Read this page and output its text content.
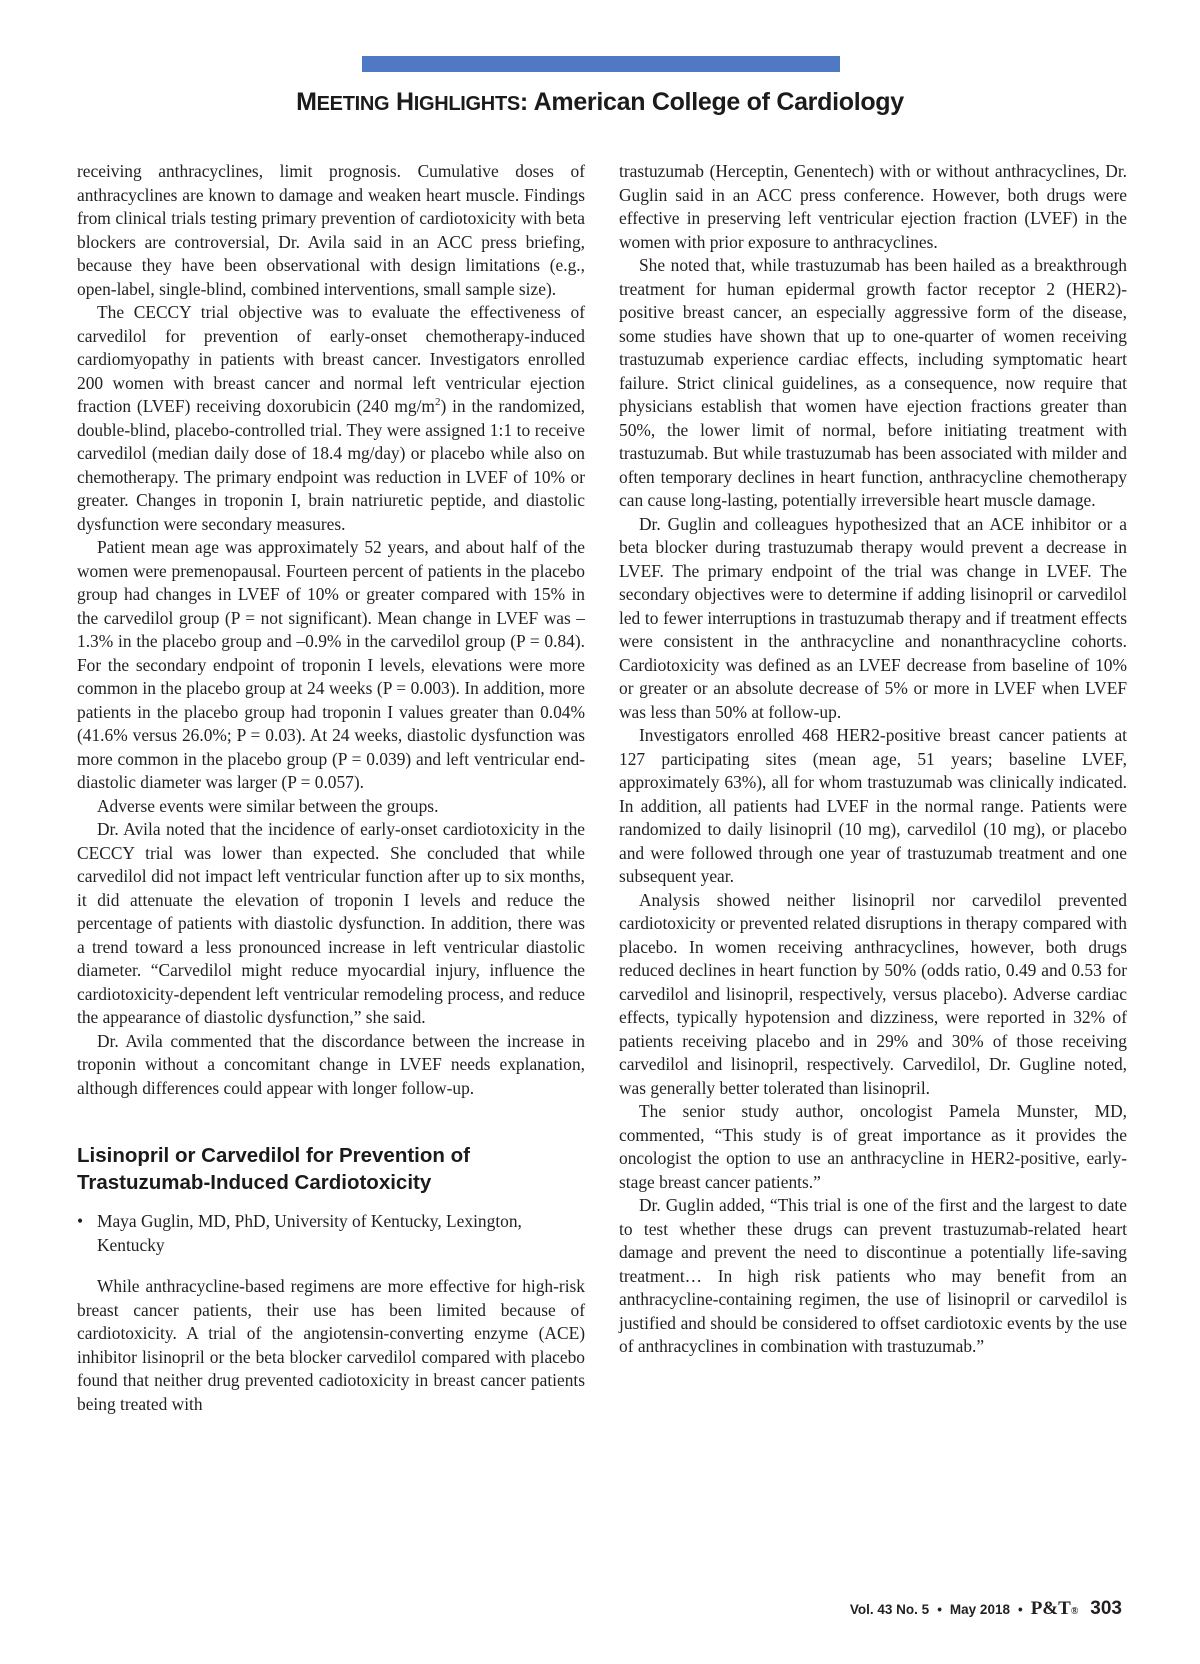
MEETING HIGHLIGHTS: American College of Cardiology

receiving anthracyclines, limit prognosis. Cumulative doses of anthracyclines are known to damage and weaken heart muscle. Findings from clinical trials testing primary prevention of cardiotoxicity with beta blockers are controversial, Dr. Avila said in an ACC press briefing, because they have been observational with design limitations (e.g., open-label, single-blind, combined interventions, small sample size).

The CECCY trial objective was to evaluate the effectiveness of carvedilol for prevention of early-onset chemotherapy-induced cardiomyopathy in patients with breast cancer. Investigators enrolled 200 women with breast cancer and normal left ventricular ejection fraction (LVEF) receiving doxorubicin (240 $mg/m^2$) in the randomized, double-blind, placebo-controlled trial. They were assigned 1:1 to receive carvedilol (median daily dose of 18.4 mg/day) or placebo while also on chemotherapy. The primary endpoint was reduction in LVEF of 10% or greater. Changes in troponin I, brain natriuretic peptide, and diastolic dysfunction were secondary measures.

Patient mean age was approximately 52 years, and about half of the women were premenopausal. Fourteen percent of patients in the placebo group had changes in LVEF of 10% or greater compared with 15% in the carvedilol group (P = not significant). Mean change in LVEF was –1.3% in the placebo group and –0.9% in the carvedilol group (P = 0.84). For the secondary endpoint of troponin I levels, elevations were more common in the placebo group at 24 weeks (P = 0.003). In addition, more patients in the placebo group had troponin I values greater than 0.04% (41.6% versus 26.0%; P = 0.03). At 24 weeks, diastolic dysfunction was more common in the placebo group (P = 0.039) and left ventricular end-diastolic diameter was larger (P = 0.057).

Adverse events were similar between the groups.

Dr. Avila noted that the incidence of early-onset cardiotoxicity in the CECCY trial was lower than expected. She concluded that while carvedilol did not impact left ventricular function after up to six months, it did attenuate the elevation of troponin I levels and reduce the percentage of patients with diastolic dysfunction. In addition, there was a trend toward a less pronounced increase in left ventricular diastolic diameter. “Carvedilol might reduce myocardial injury, influence the cardiotoxicity-dependent left ventricular remodeling process, and reduce the appearance of diastolic dysfunction,” she said.

Dr. Avila commented that the discordance between the increase in troponin without a concomitant change in LVEF needs explanation, although differences could appear with longer follow-up.

Lisinopril or Carvedilol for Prevention of Trastuzumab-Induced Cardiotoxicity
• Maya Guglin, MD, PhD, University of Kentucky, Lexington, Kentucky

While anthracycline-based regimens are more effective for high-risk breast cancer patients, their use has been limited because of cardiotoxicity. A trial of the angiotensin-converting enzyme (ACE) inhibitor lisinopril or the beta blocker carvedilol compared with placebo found that neither drug prevented cadiotoxicity in breast cancer patients being treated with

trastuzumab (Herceptin, Genentech) with or without anthracyclines, Dr. Guglin said in an ACC press conference. However, both drugs were effective in preserving left ventricular ejection fraction (LVEF) in the women with prior exposure to anthracyclines.

She noted that, while trastuzumab has been hailed as a breakthrough treatment for human epidermal growth factor receptor 2 (HER2)-positive breast cancer, an especially aggressive form of the disease, some studies have shown that up to one-quarter of women receiving trastuzumab experience cardiac effects, including symptomatic heart failure. Strict clinical guidelines, as a consequence, now require that physicians establish that women have ejection fractions greater than 50%, the lower limit of normal, before initiating treatment with trastuzumab. But while trastuzumab has been associated with milder and often temporary declines in heart function, anthracycline chemotherapy can cause long-lasting, potentially irreversible heart muscle damage.

Dr. Guglin and colleagues hypothesized that an ACE inhibitor or a beta blocker during trastuzumab therapy would prevent a decrease in LVEF. The primary endpoint of the trial was change in LVEF. The secondary objectives were to determine if adding lisinopril or carvedilol led to fewer interruptions in trastuzumab therapy and if treatment effects were consistent in the anthracycline and nonanthracycline cohorts. Cardiotoxicity was defined as an LVEF decrease from baseline of 10% or greater or an absolute decrease of 5% or more in LVEF when LVEF was less than 50% at follow-up.

Investigators enrolled 468 HER2-positive breast cancer patients at 127 participating sites (mean age, 51 years; baseline LVEF, approximately 63%), all for whom trastuzumab was clinically indicated. In addition, all patients had LVEF in the normal range. Patients were randomized to daily lisinopril (10 mg), carvedilol (10 mg), or placebo and were followed through one year of trastuzumab treatment and one subsequent year.

Analysis showed neither lisinopril nor carvedilol prevented cardiotoxicity or prevented related disruptions in therapy compared with placebo. In women receiving anthracyclines, however, both drugs reduced declines in heart function by 50% (odds ratio, 0.49 and 0.53 for carvedilol and lisinopril, respectively, versus placebo). Adverse cardiac effects, typically hypotension and dizziness, were reported in 32% of patients receiving placebo and in 29% and 30% of those receiving carvedilol and lisinopril, respectively. Carvedilol, Dr. Gugline noted, was generally better tolerated than lisinopril.

The senior study author, oncologist Pamela Munster, MD, commented, “This study is of great importance as it provides the oncologist the option to use an anthracycline in HER2-positive, early-stage breast cancer patients.”

Dr. Guglin added, “This trial is one of the first and the largest to date to test whether these drugs can prevent trastuzumab-related heart damage and prevent the need to discontinue a potentially life-saving treatment… In high risk patients who may benefit from an anthracycline-containing regimen, the use of lisinopril or carvedilol is justified and should be considered to offset cardiotoxic events by the use of anthracyclines in combination with trastuzumab.”

Vol. 43 No. 5 • May 2018 • P&T® 303
